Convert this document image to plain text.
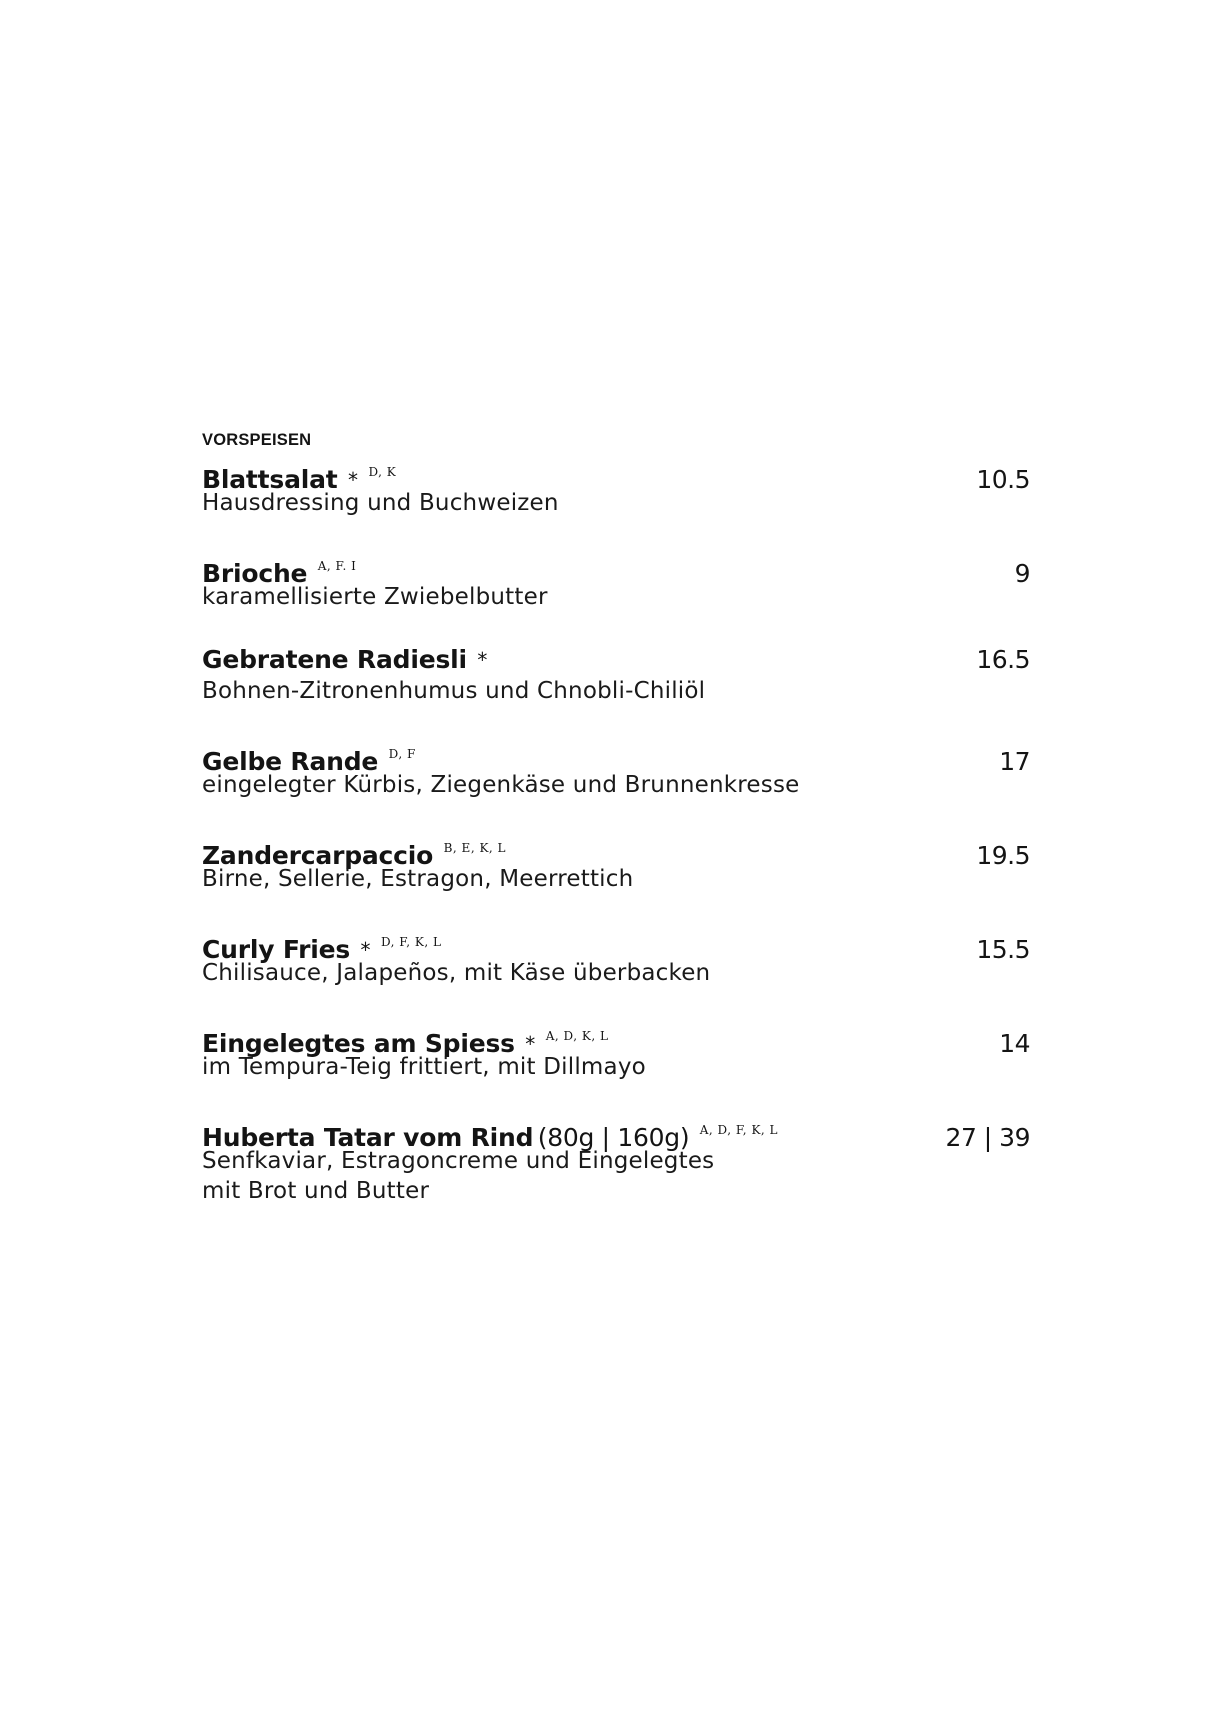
VORSPEISEN
Blattsalat * $^{D, K}$	10.5
Hausdressing und Buchweizen
Brioche $^{A, F. I}$	9
karamellisierte Zwiebelbutter
Gebratene Radiesli *	16.5
Bohnen-Zitronenhumus und Chnobli-Chiliöl
Gelbe Rande $^{D, F}$	17
eingelegter Kürbis, Ziegenkäse und Brunnenkresse
Zandercarpaccio $^{B, E, K, L}$	19.5
Birne, Sellerie, Estragon, Meerrettich
Curly Fries * $^{D, F, K, L}$	15.5
Chilisauce, Jalapeños, mit Käse überbacken
Eingelegtes am Spiess * $^{A, D, K, L}$	14
im Tempura-Teig frittiert, mit Dillmayo
Huberta Tatar vom Rind (80g | 160g) $^{A, D, F, K, L}$	27 | 39
Senfkaviar, Estragoncreme und Eingelegtes
mit Brot und Butter
